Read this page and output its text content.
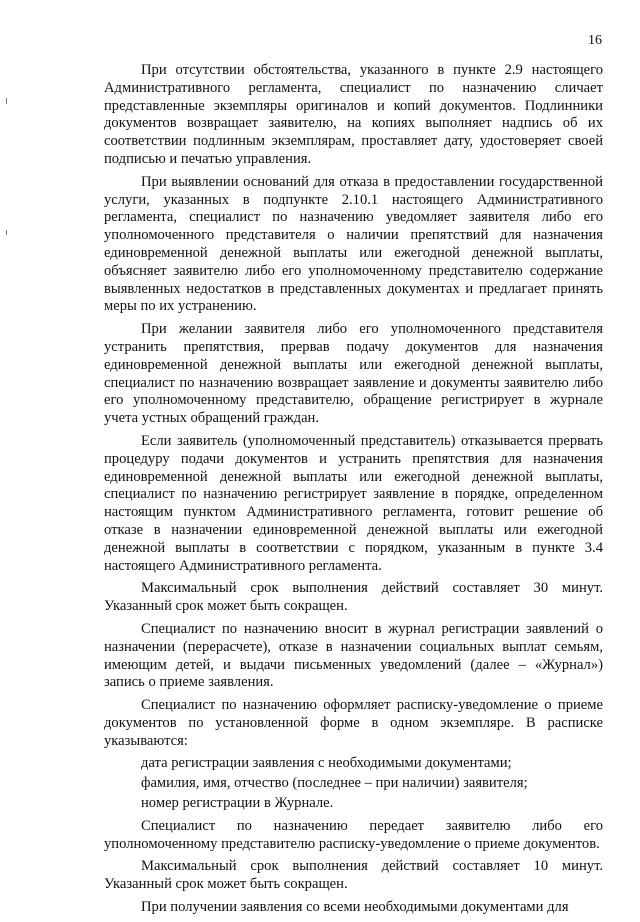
16

При отсутствии обстоятельства, указанного в пункте 2.9 настоящего Административного регламента, специалист по назначению сличает представленные экземпляры оригиналов и копий документов. Подлинники документов возвращает заявителю, на копиях выполняет надпись об их соответствии подлинным экземплярам, проставляет дату, удостоверяет своей подписью и печатью управления.

При выявлении оснований для отказа в предоставлении государственной услуги, указанных в подпункте 2.10.1 настоящего Административного регламента, специалист по назначению уведомляет заявителя либо его уполномоченного представителя о наличии препятствий для назначения единовременной денежной выплаты или ежегодной денежной выплаты, объясняет заявителю либо его уполномоченному представителю содержание выявленных недостатков в представленных документах и предлагает принять меры по их устранению.

При желании заявителя либо его уполномоченного представителя устранить препятствия, прервав подачу документов для назначения единовременной денежной выплаты или ежегодной денежной выплаты, специалист по назначению возвращает заявление и документы заявителю либо его уполномоченному представителю, обращение регистрирует в журнале учета устных обращений граждан.

Если заявитель (уполномоченный представитель) отказывается прервать процедуру подачи документов и устранить препятствия для назначения единовременной денежной выплаты или ежегодной денежной выплаты, специалист по назначению регистрирует заявление в порядке, определенном настоящим пунктом Административного регламента, готовит решение об отказе в назначении единовременной денежной выплаты или ежегодной денежной выплаты в соответствии с порядком, указанным в пункте 3.4 настоящего Административного регламента.

Максимальный срок выполнения действий составляет 30 минут. Указанный срок может быть сокращен.

Специалист по назначению вносит в журнал регистрации заявлений о назначении (перерасчете), отказе в назначении социальных выплат семьям, имеющим детей, и выдачи письменных уведомлений (далее – «Журнал») запись о приеме заявления.

Специалист по назначению оформляет расписку-уведомление о приеме документов по установленной форме в одном экземпляре. В расписке указываются:

дата регистрации заявления с необходимыми документами;
фамилия, имя, отчество (последнее – при наличии) заявителя;
номер регистрации в Журнале.

Специалист по назначению передает заявителю либо его уполномоченному представителю расписку-уведомление о приеме документов.

Максимальный срок выполнения действий составляет 10 минут. Указанный срок может быть сокращен.

При получении заявления со всеми необходимыми документами для
